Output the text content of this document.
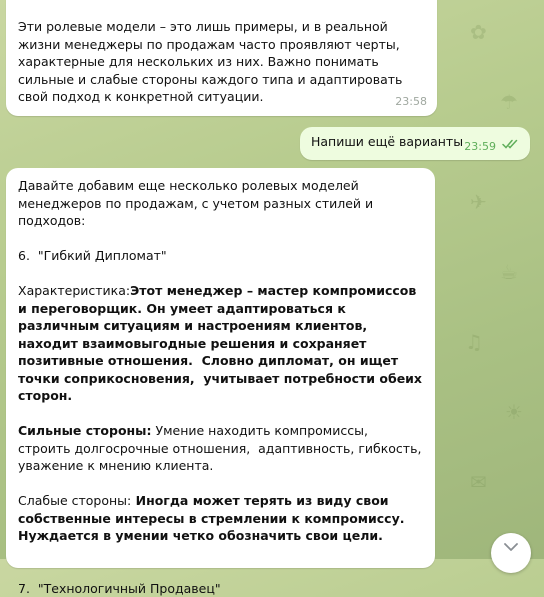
✿
☂
✈
☕
♫
☀
✉

Эти ролевые модели – это лишь примеры, и в реальной жизни менеджеры по продажам часто проявляют черты, характерные для нескольких из них. Важно понимать сильные и слабые стороны каждого типа и адаптировать свой подход к конкретной ситуации.	23:58
Напиши ещё варианты 23:59

Давайте добавим еще несколько ролевых моделей менеджеров по продажам, с учетом разных стилей и подходов:

6.  "Гибкий Дипломат"

Характеристика:Этот менеджер – мастер компромиссов и переговорщик. Он умеет адаптироваться к различным ситуациям и настроениям клиентов,  находит взаимовыгодные решения и сохраняет позитивные отношения.  Словно дипломат, он ищет точки соприкосновения,  учитывает потребности обеих сторон.

Сильные стороны: Умение находить компромиссы, строить долгосрочные отношения,  адаптивность, гибкость,  уважение к мнению клиента.

Слабые стороны: Иногда может терять из виду свои собственные интересы в стремлении к компромиссу. Нуждается в умении четко обозначить свои цели.

7.  "Технологичный Продавец"
